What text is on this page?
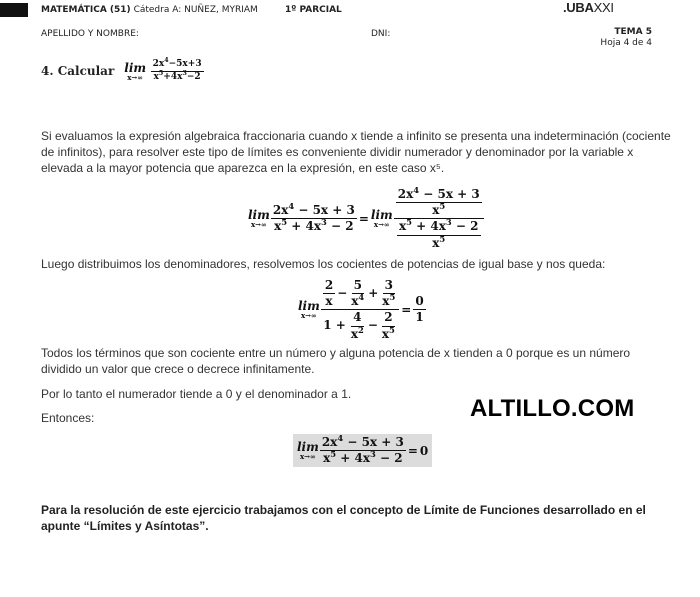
MATEMÁTICA (51) Cátedra A: NUÑEZ, MYRIAM	1º PARCIAL	.UBAXXI
APELLIDO Y NOMBRE:	DNI:	TEMA 5
Hoja 4 de 4
4. Calcular lim
x→∞
$\frac{2x^4-5x+3}{x^5+4x^3-2}$
Si evaluamos la expresión algebraica fraccionaria cuando x tiende a infinito se presenta una indeterminación (cociente de infinitos), para resolver este tipo de límites es conveniente dividir numerador y denominador por la variable x elevada a la mayor potencia que aparezca en la expresión, en este caso x⁵.
lim
$x\to\infty \frac{2x^4 - 5x + 3}{x^5 + 4x^3 - 2} = \lim$
$x\to\infty \frac{\frac{2x^4 - 5x + 3}{x^5}}{\frac{x^5 + 4x^3 - 2}{x^5}}$
Luego distribuimos los denominadores, resolvemos los cocientes de potencias de igual base y nos queda:
lim
$x\to\infty \frac{\frac{2}{x} - \frac{5}{x^4} + \frac{3}{x^5}}{1 + \frac{4}{x^2} - \frac{2}{x^5}} = \frac{0}{1}$
Todos los términos que son cociente entre un número y alguna potencia de x tienden a 0 porque es un número dividido un valor que crece o decrece infinitamente.
Por lo tanto el numerador tiende a 0 y el denominador a 1.
Entonces:	ALTILLO.COM
lim
$x\to\infty \frac{2x^4 - 5x + 3}{x^5 + 4x^3 - 2} = 0$
Para la resolución de este ejercicio trabajamos con el concepto de Límite de Funciones desarrollado en el apunte “Límites y Asíntotas”.
